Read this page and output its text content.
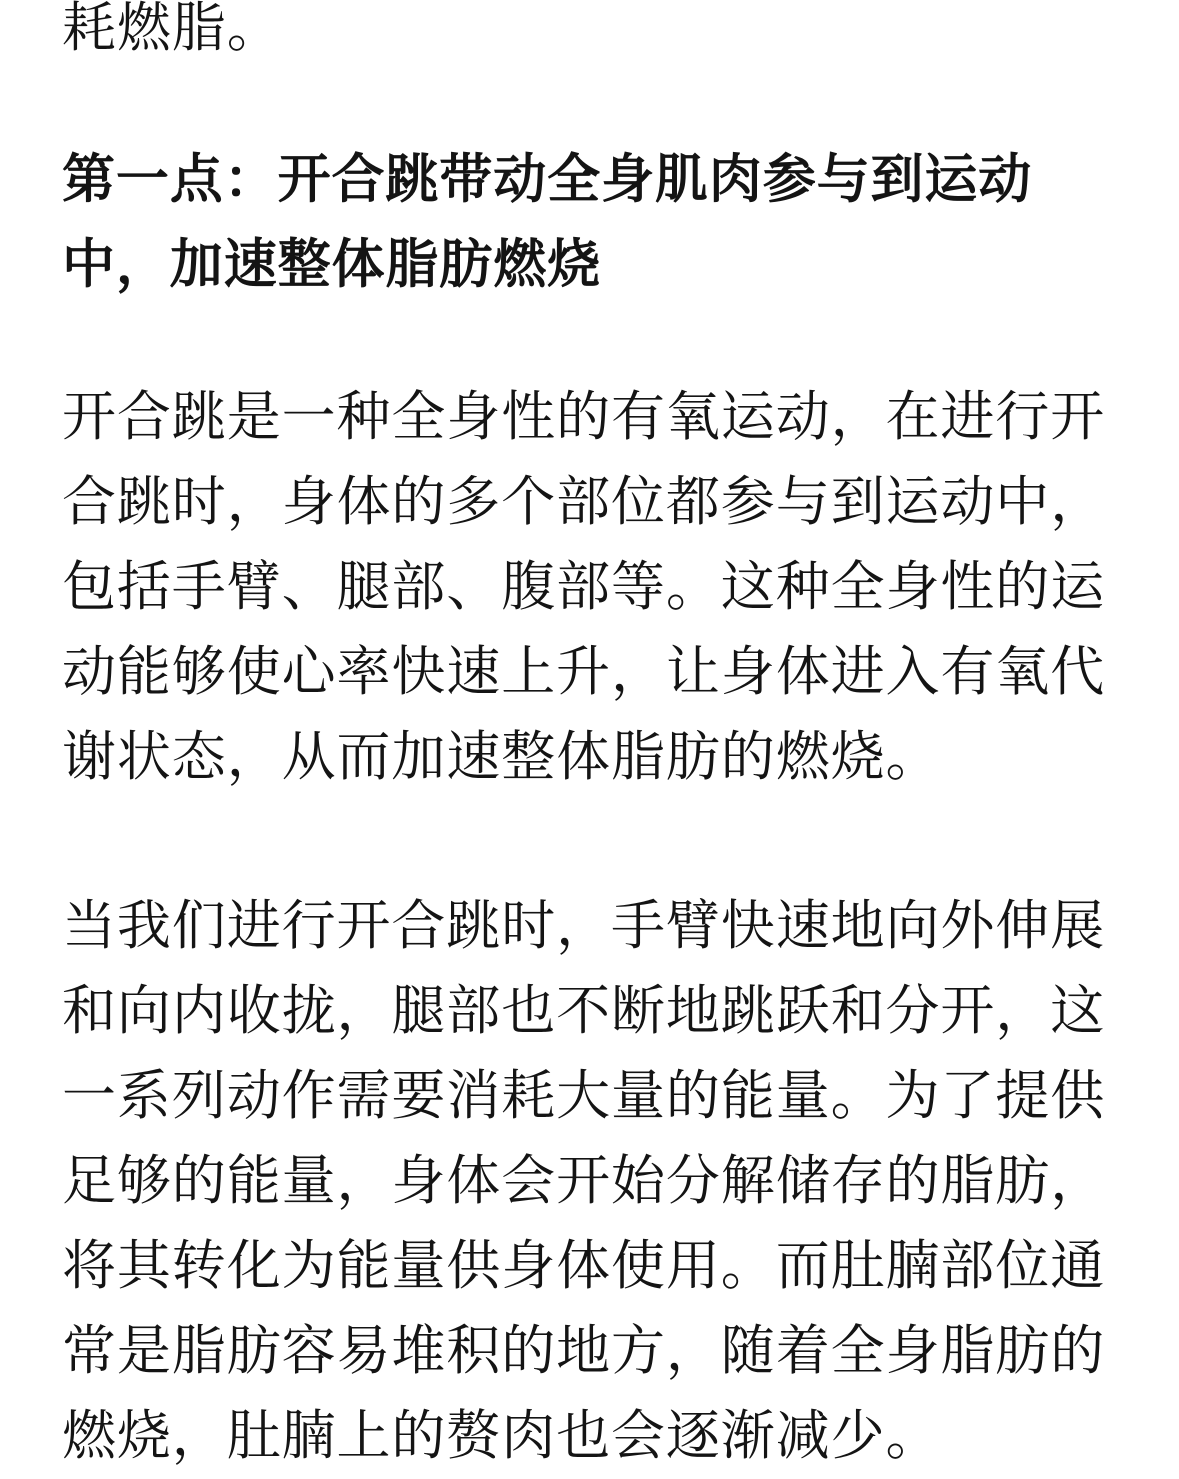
耗燃脂。

第一点：开合跳带动全身肌肉参与到运动中，加速整体脂肪燃烧

开合跳是一种全身性的有氧运动，在进行开合跳时，身体的多个部位都参与到运动中，包括手臂、腿部、腹部等。这种全身性的运动能够使心率快速上升，让身体进入有氧代谢状态，从而加速整体脂肪的燃烧。

当我们进行开合跳时，手臂快速地向外伸展和向内收拢，腿部也不断地跳跃和分开，这一系列动作需要消耗大量的能量。为了提供足够的能量，身体会开始分解储存的脂肪，将其转化为能量供身体使用。而肚腩部位通常是脂肪容易堆积的地方，随着全身脂肪的燃烧，肚腩上的赘肉也会逐渐减少。
